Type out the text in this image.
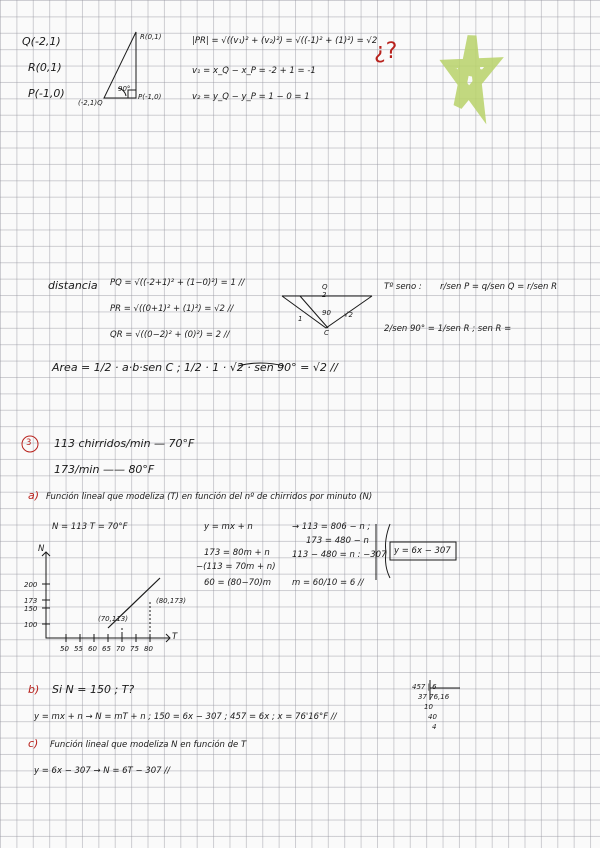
Q(-2,1)
R(0,1)
P(-1,0)
R(0,1)
P(-1,0)
(-2,1)Q
90°
|PR| = √((v₁)² + (v₂)²) = √((-1)² + (1)²) = √2
v₁ = x_Q − x_P = -2 + 1 = -1
v₂ = y_Q − y_P = 1 − 0 = 1
¿?
distancia PQ = √((-2+1)² + (1−0)²) = 1 //
PR = √((0+1)² + (1)²) = √2 //
QR = √((0−2)² + (0)²) = 2 //
Area = 1/2 · a·b·sen C ; 1/2 · 1 · √2 · sen 90° = √2 //
Q
2
1	√2
90
C
Tº seno : r/sen P = q/sen Q = r/sen R
2/sen 90° = 1/sen R ; sen R =
3 113 chirridos/min — 70°F
173/min —— 80°F
a) Función lineal que modeliza (T) en función del nº de chirridos por minuto (N)
N = 113 T = 70°F	y = mx + n
173 = 80m + n
−(113 = 70m + n)
60 = (80−70)m
→ 113 = 806 − n ;
173 = 480 − n
113 − 480 = n : −307
m = 60/10 = 6 //
y = 6x − 307
N
T
200
173
150
100
50 55 60 65 70 75 80
(70,113)
(80,173)
b) Si N = 150 ; T?
y = mx + n → N = mT + n ; 150 = 6x − 307 ; 457 = 6x ; x = 76'16°F //
457 | 6
37 76,16
10
40
4
c) Función lineal que modeliza N en función de T
y = 6x − 307 → N = 6T − 307 //
